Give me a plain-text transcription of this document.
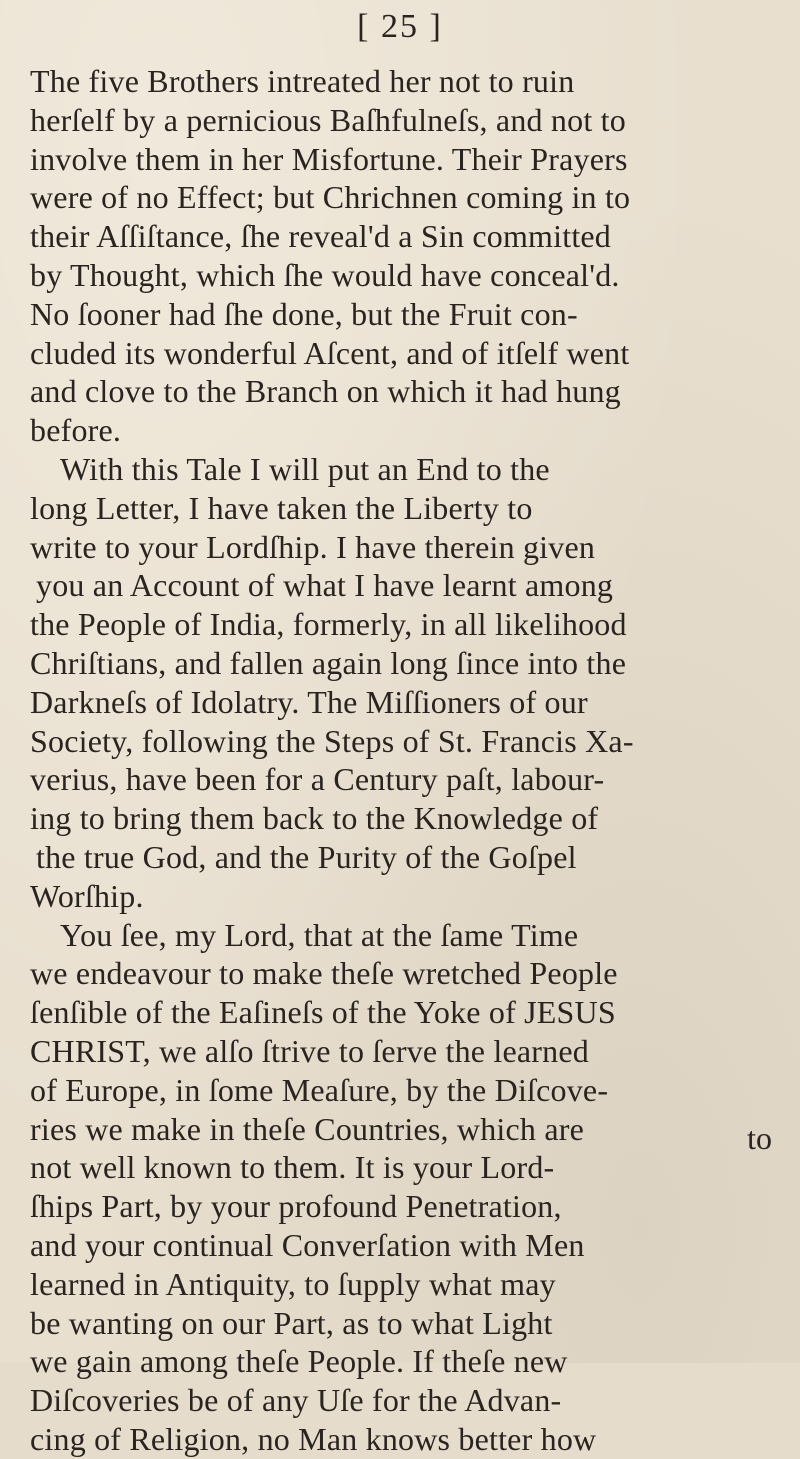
[ 25 ]
The five Brothers intreated her not to ruin
herſelf by a pernicious Baſhfulneſs, and not to
involve them in her Misfortune. Their Prayers
were of no Effect; but Chrichnen coming in to
their Aſſiſtance, ſhe reveal'd a Sin committed
by Thought, which ſhe would have conceal'd.
No ſooner had ſhe done, but the Fruit con-
cluded its wonderful Aſcent, and of itſelf went
and clove to the Branch on which it had hung
before.
With this Tale I will put an End to the
long Letter, I have taken the Liberty to
write to your Lordſhip. I have therein given
you an Account of what I have learnt among
the People of India, formerly, in all likelihood
Chriſtians, and fallen again long ſince into the
Darkneſs of Idolatry. The Miſſioners of our
Society, following the Steps of St. Francis Xa-
verius, have been for a Century paſt, labour-
ing to bring them back to the Knowledge of
the true God, and the Purity of the Goſpel
Worſhip.
You ſee, my Lord, that at the ſame Time
we endeavour to make theſe wretched People
ſenſible of the Eaſineſs of the Yoke of JESUS
CHRIST, we alſo ſtrive to ſerve the learned
of Europe, in ſome Meaſure, by the Diſcove-
ries we make in theſe Countries, which are
not well known to them. It is your Lord-
ſhips Part, by your profound Penetration,
and your continual Converſation with Men
learned in Antiquity, to ſupply what may
be wanting on our Part, as to what Light
we gain among theſe People. If theſe new
Diſcoveries be of any Uſe for the Advan-
cing of Religion, no Man knows better how
to
